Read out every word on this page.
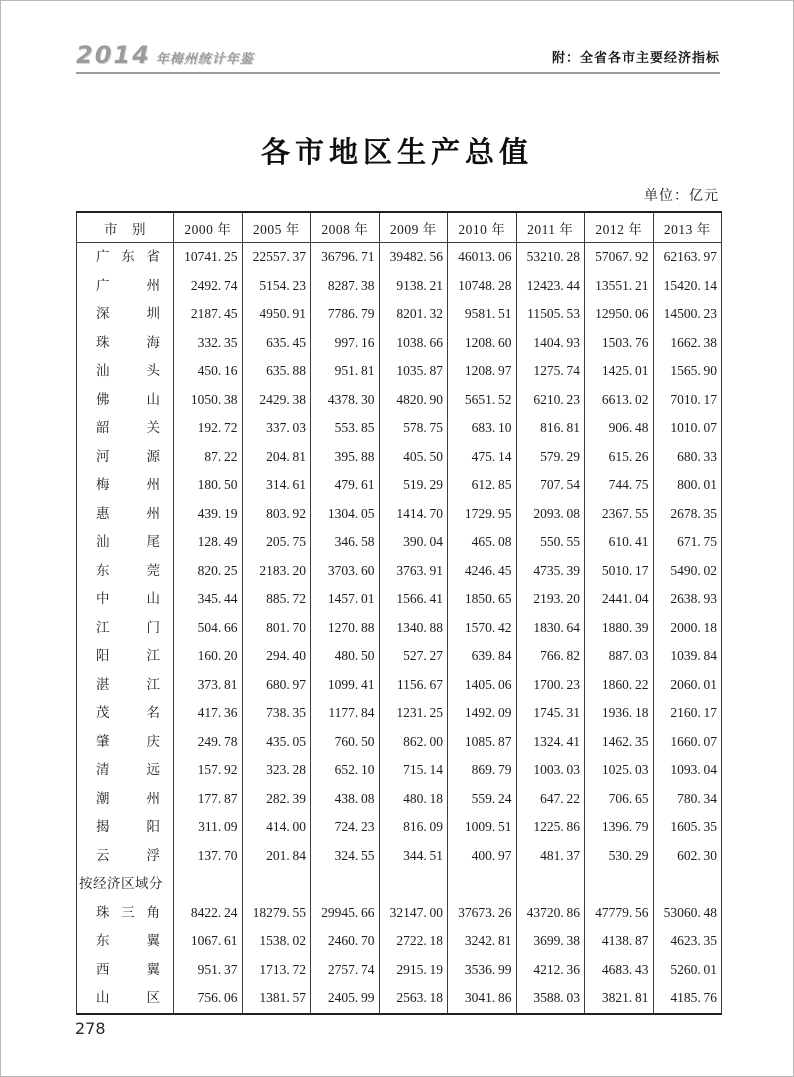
2014 年梅州统计年鉴	附：全省各市主要经济指标
各市地区生产总值
单位：亿元
市　别	2000 年	2005 年	2008 年	2009 年	2010 年	2011 年	2012 年	2013 年
广 东 省	10741. 25	22557. 37	36796. 71	39482. 56	46013. 06	53210. 28	57067. 92	62163. 97
广 州	2492. 74	5154. 23	8287. 38	9138. 21	10748. 28	12423. 44	13551. 21	15420. 14
深 圳	2187. 45	4950. 91	7786. 79	8201. 32	9581. 51	11505. 53	12950. 06	14500. 23
珠 海	332. 35	635. 45	997. 16	1038. 66	1208. 60	1404. 93	1503. 76	1662. 38
汕 头	450. 16	635. 88	951. 81	1035. 87	1208. 97	1275. 74	1425. 01	1565. 90
佛 山	1050. 38	2429. 38	4378. 30	4820. 90	5651. 52	6210. 23	6613. 02	7010. 17
韶 关	192. 72	337. 03	553. 85	578. 75	683. 10	816. 81	906. 48	1010. 07
河 源	87. 22	204. 81	395. 88	405. 50	475. 14	579. 29	615. 26	680. 33
梅 州	180. 50	314. 61	479. 61	519. 29	612. 85	707. 54	744. 75	800. 01
惠 州	439. 19	803. 92	1304. 05	1414. 70	1729. 95	2093. 08	2367. 55	2678. 35
汕 尾	128. 49	205. 75	346. 58	390. 04	465. 08	550. 55	610. 41	671. 75
东 莞	820. 25	2183. 20	3703. 60	3763. 91	4246. 45	4735. 39	5010. 17	5490. 02
中 山	345. 44	885. 72	1457. 01	1566. 41	1850. 65	2193. 20	2441. 04	2638. 93
江 门	504. 66	801. 70	1270. 88	1340. 88	1570. 42	1830. 64	1880. 39	2000. 18
阳 江	160. 20	294. 40	480. 50	527. 27	639. 84	766. 82	887. 03	1039. 84
湛 江	373. 81	680. 97	1099. 41	1156. 67	1405. 06	1700. 23	1860. 22	2060. 01
茂 名	417. 36	738. 35	1177. 84	1231. 25	1492. 09	1745. 31	1936. 18	2160. 17
肇 庆	249. 78	435. 05	760. 50	862. 00	1085. 87	1324. 41	1462. 35	1660. 07
清 远	157. 92	323. 28	652. 10	715. 14	869. 79	1003. 03	1025. 03	1093. 04
潮 州	177. 87	282. 39	438. 08	480. 18	559. 24	647. 22	706. 65	780. 34
揭 阳	311. 09	414. 00	724. 23	816. 09	1009. 51	1225. 86	1396. 79	1605. 35
云 浮	137. 70	201. 84	324. 55	344. 51	400. 97	481. 37	530. 29	602. 30
按经济区域分								
珠 三 角	8422. 24	18279. 55	29945. 66	32147. 00	37673. 26	43720. 86	47779. 56	53060. 48
东 翼	1067. 61	1538. 02	2460. 70	2722. 18	3242. 81	3699. 38	4138. 87	4623. 35
西 翼	951. 37	1713. 72	2757. 74	2915. 19	3536. 99	4212. 36	4683. 43	5260. 01
山 区	756. 06	1381. 57	2405. 99	2563. 18	3041. 86	3588. 03	3821. 81	4185. 76
278
